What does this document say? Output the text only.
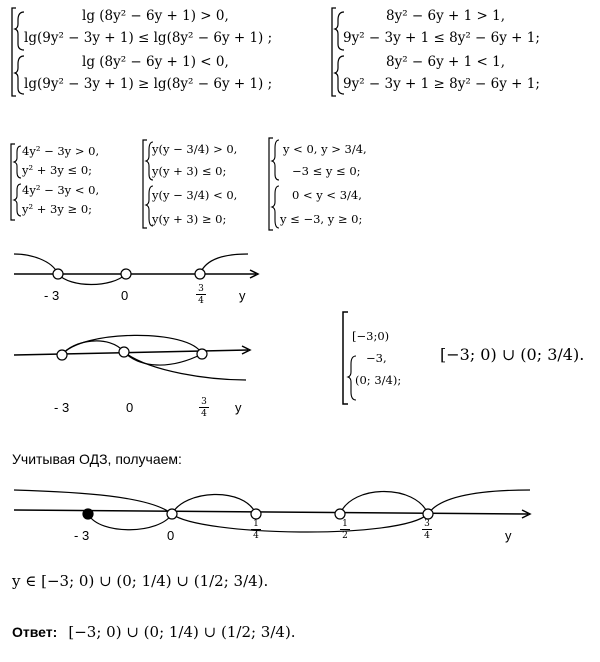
lg (8y² − 6y + 1) > 0,
lg(9y² − 3y + 1) ≤ lg(8y² − 6y + 1) ;
lg (8y² − 6y + 1) < 0,
lg(9y² − 3y + 1) ≥ lg(8y² − 6y + 1) ;
8y² − 6y + 1 > 1,
9y² − 3y + 1 ≤ 8y² − 6y + 1;
8y² − 6y + 1 < 1,
9y² − 3y + 1 ≥ 8y² − 6y + 1;
4y² − 3y > 0,
y² + 3y ≤ 0;
4y² − 3y < 0,
y² + 3y ≥ 0;
y(y − 3/4) > 0,
y(y + 3) ≤ 0;
y(y − 3/4) < 0,
y(y + 3) ≥ 0;
y < 0, y > 3/4,
−3 ≤ y ≤ 0;
0 < y < 3/4,
y ≤ −3, y ≥ 0;
- 3	0	3
4	y
- 3	0	3
4 y
[−3;0)
−3,
(0; 3/4);
[−3; 0) ∪ (0; 3/4).
Учитывая ОДЗ, получаем:
- 3	0
1
4
1
2
3
4	y
y ∈ [−3; 0) ∪ (0; 1/4) ∪ (1/2; 3/4).
Ответ: [−3; 0) ∪ (0; 1/4) ∪ (1/2; 3/4).
